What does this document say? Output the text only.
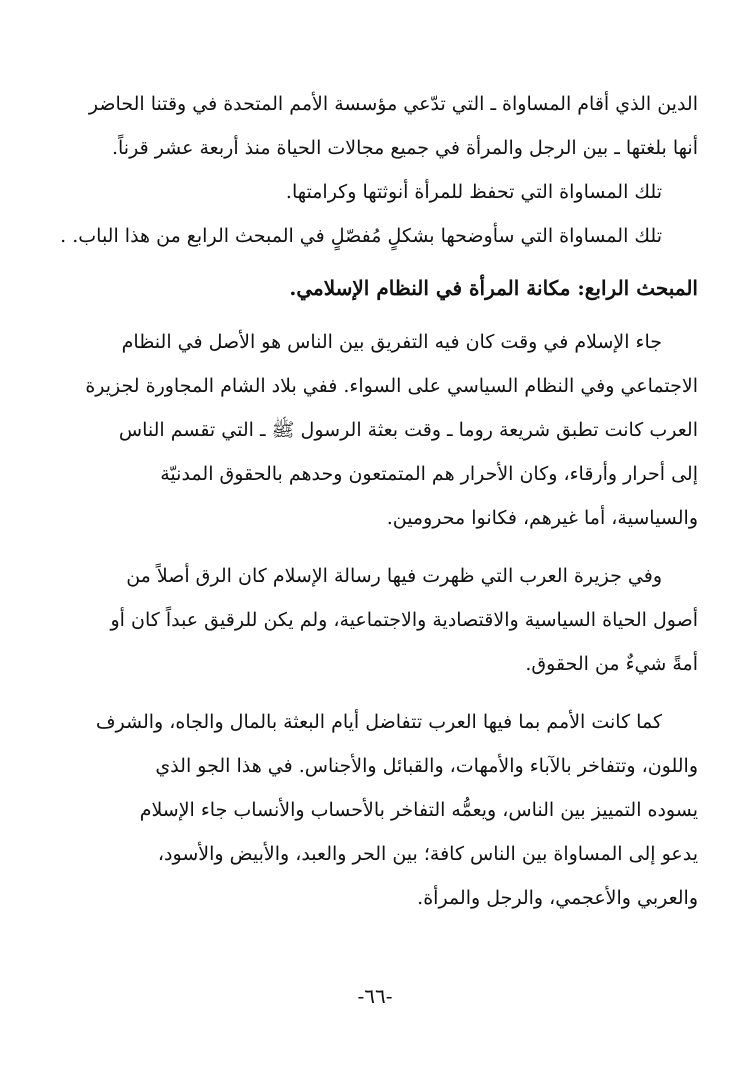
الدين الذي أقام المساواة ـ التي تدّعي مؤسسة الأمم المتحدة في وقتنا الحاضر
أنها بلغتها ـ بين الرجل والمرأة في جميع مجالات الحياة منذ أربعة عشر قرناً.
تلك المساواة التي تحفظ للمرأة أنوثتها وكرامتها.
تلك المساواة التي سأوضحها بشكلٍ مُفصّلٍ في المبحث الرابع من هذا الباب. .
المبحث الرابع: مكانة المرأة في النظام الإسلامي.
جاء الإسلام في وقت كان فيه التفريق بين الناس هو الأصل في النظام
الاجتماعي وفي النظام السياسي على السواء. ففي بلاد الشام المجاورة لجزيرة
العرب كانت تطبق شريعة روما ـ وقت بعثة الرسول ﷺ ـ التي تقسم الناس
إلى أحرار وأرقاء، وكان الأحرار هم المتمتعون وحدهم بالحقوق المدنيّة
والسياسية، أما غيرهم، فكانوا محرومين.
وفي جزيرة العرب التي ظهرت فيها رسالة الإسلام كان الرق أصلاً من
أصول الحياة السياسية والاقتصادية والاجتماعية، ولم يكن للرقيق عبداً كان أو
أمةً شيءٌ من الحقوق.
كما كانت الأمم بما فيها العرب تتفاضل أيام البعثة بالمال والجاه، والشرف
واللون، وتتفاخر بالآباء والأمهات، والقبائل والأجناس. في هذا الجو الذي
يسوده التمييز بين الناس، ويعمُّه التفاخر بالأحساب والأنساب جاء الإسلام
يدعو إلى المساواة بين الناس كافة؛ بين الحر والعبد، والأبيض والأسود،
والعربي والأعجمي، والرجل والمرأة.
-٦٦-
